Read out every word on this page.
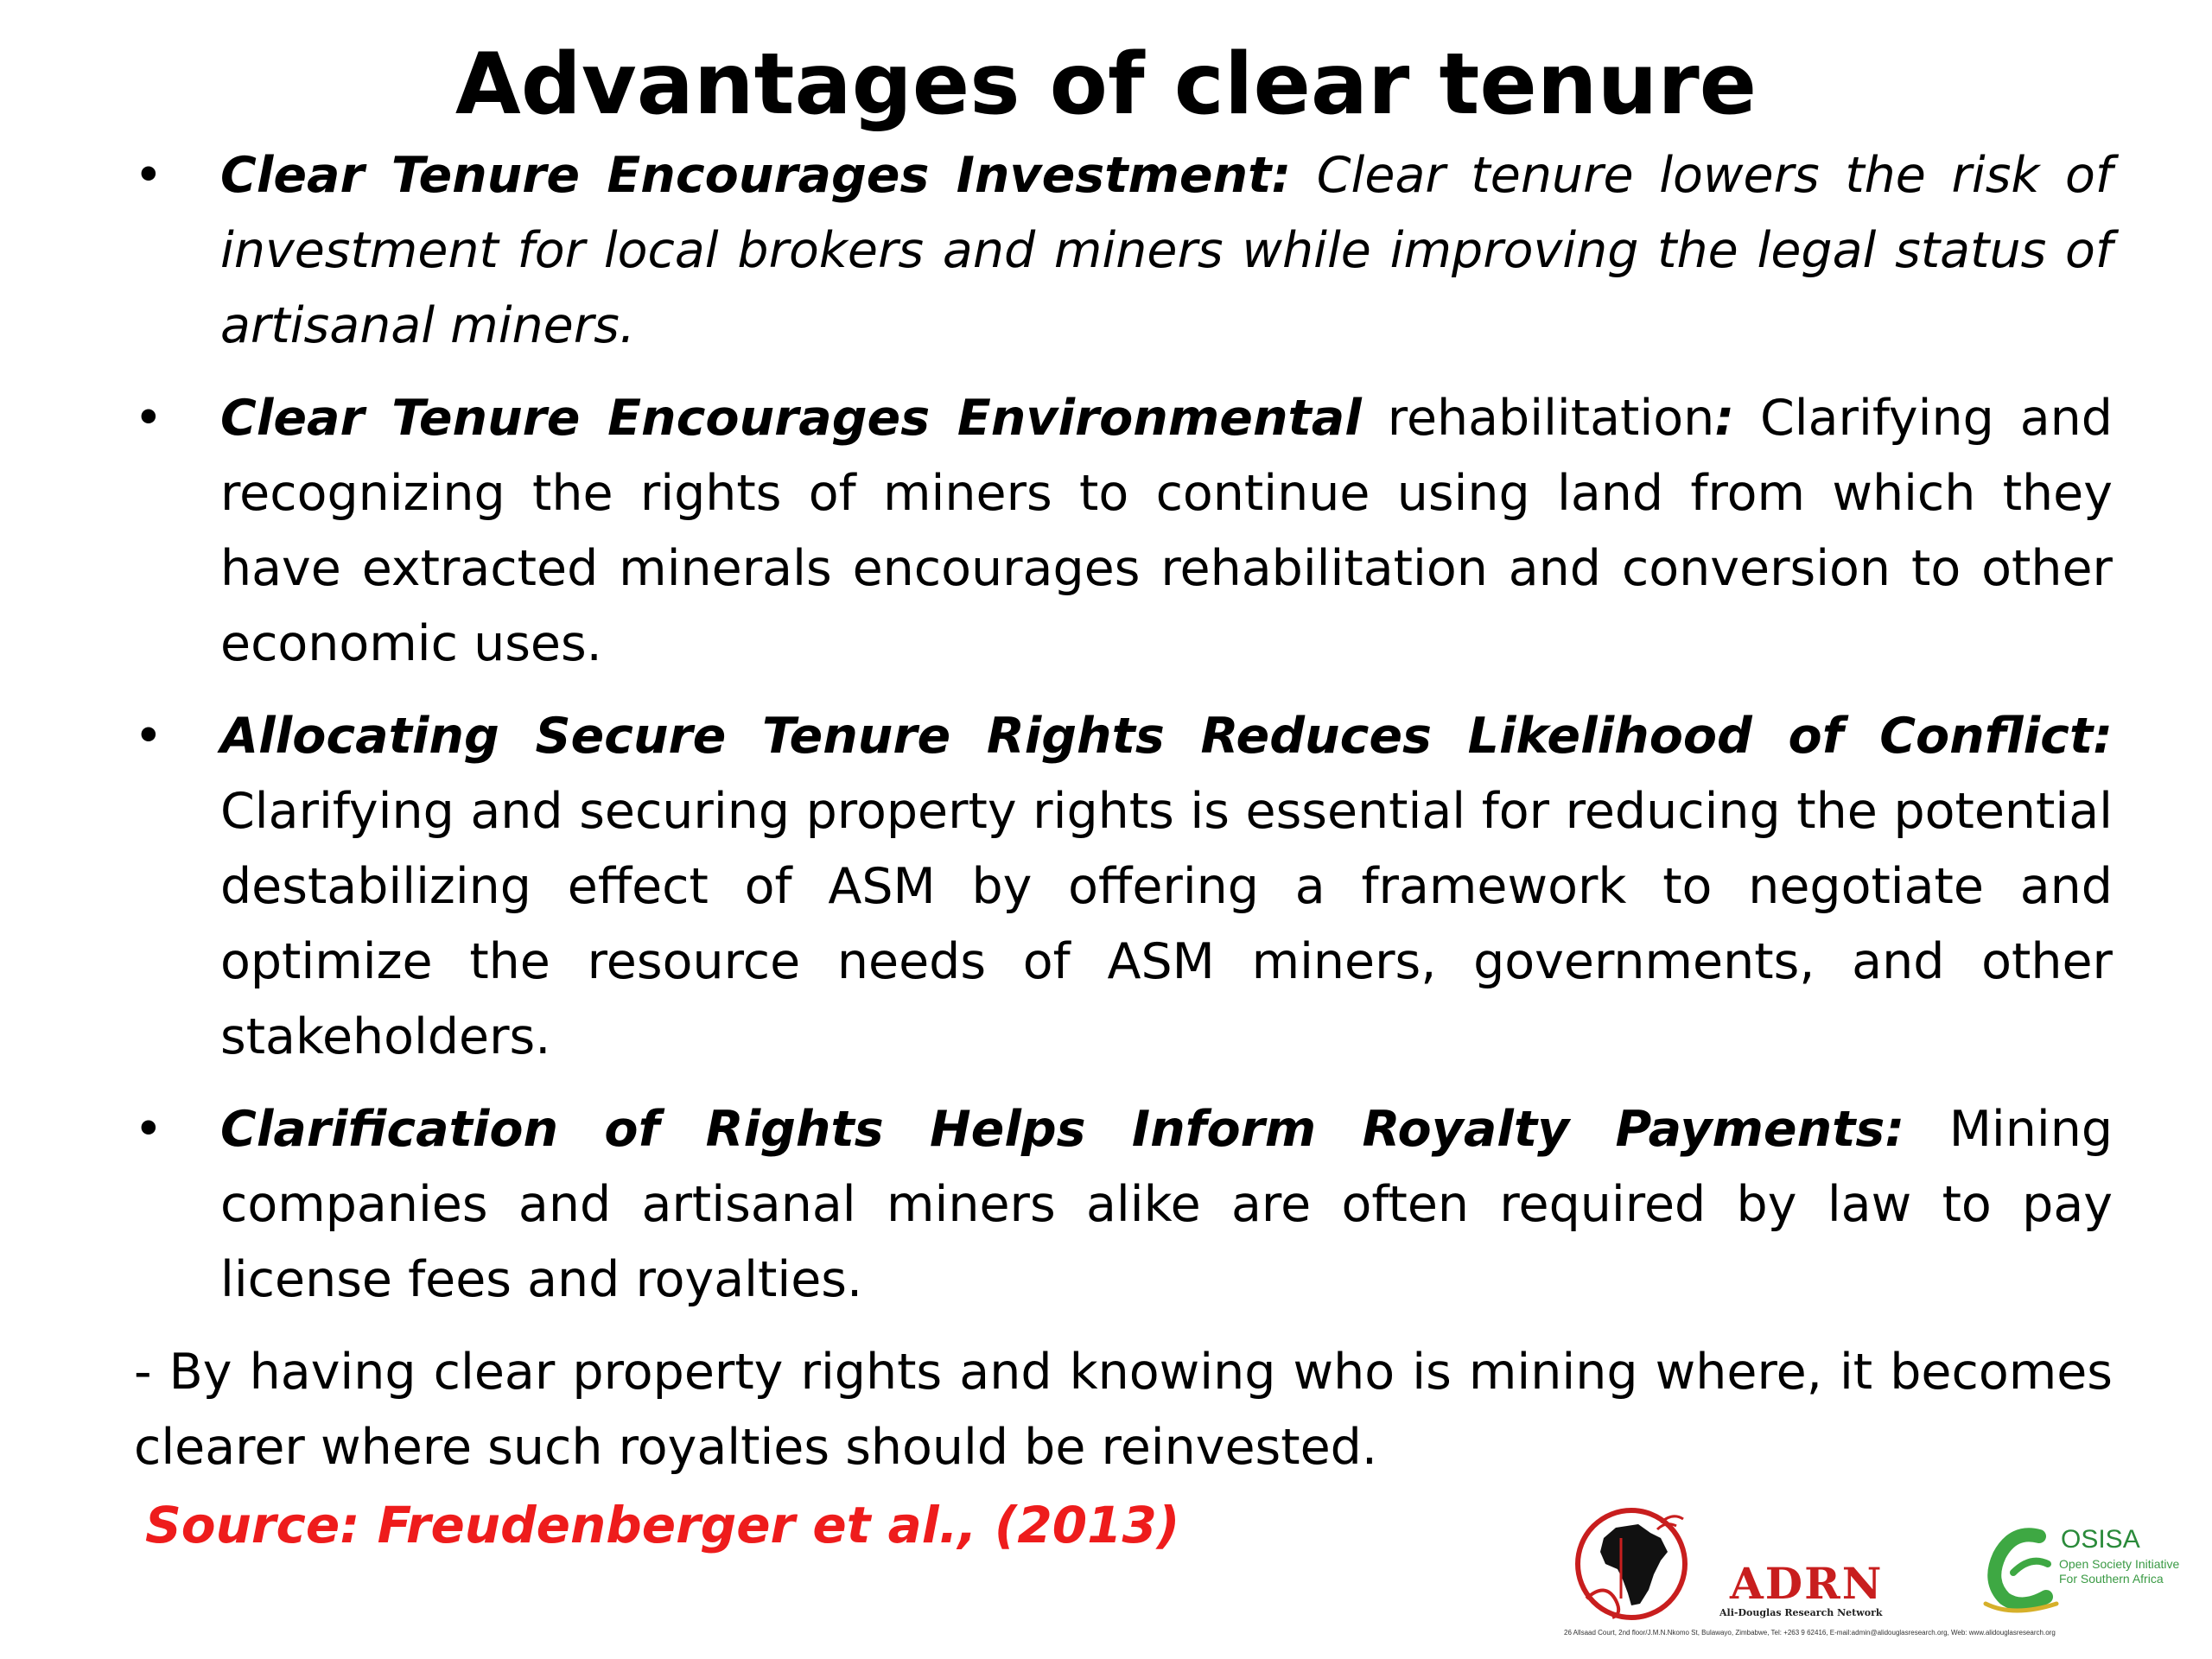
Advantages of clear tenure
• Clear Tenure Encourages Investment: Clear tenure lowers the risk of investment for local brokers and miners while improving the legal status of artisanal miners.
• Clear Tenure Encourages Environmental rehabilitation: Clarifying and recognizing the rights of miners to continue using land from which they have extracted minerals encourages rehabilitation and conversion to other economic uses.
• Allocating Secure Tenure Rights Reduces Likelihood of Conflict: Clarifying and securing property rights is essential for reducing the potential destabilizing effect of ASM by offering a framework to negotiate and optimize the resource needs of ASM miners, governments, and other stakeholders.
• Clarification of Rights Helps Inform Royalty Payments: Mining companies and artisanal miners alike are often required by law to pay license fees and royalties.

- By having clear property rights and knowing who is mining where, it becomes clearer where such royalties should be reinvested.

Source: Freudenberger et al., (2013)
ADRN
Ali-Douglas Research Network
OSISA
Open Society Initiative For Southern Africa
26 Allsaad Court, 2nd floor/J.M.N.Nkomo St, Bulawayo, Zimbabwe, Tel: +263 9 62416, E-mail:admin@alidouglasresearch.org, Web: www.alidouglasresearch.org
